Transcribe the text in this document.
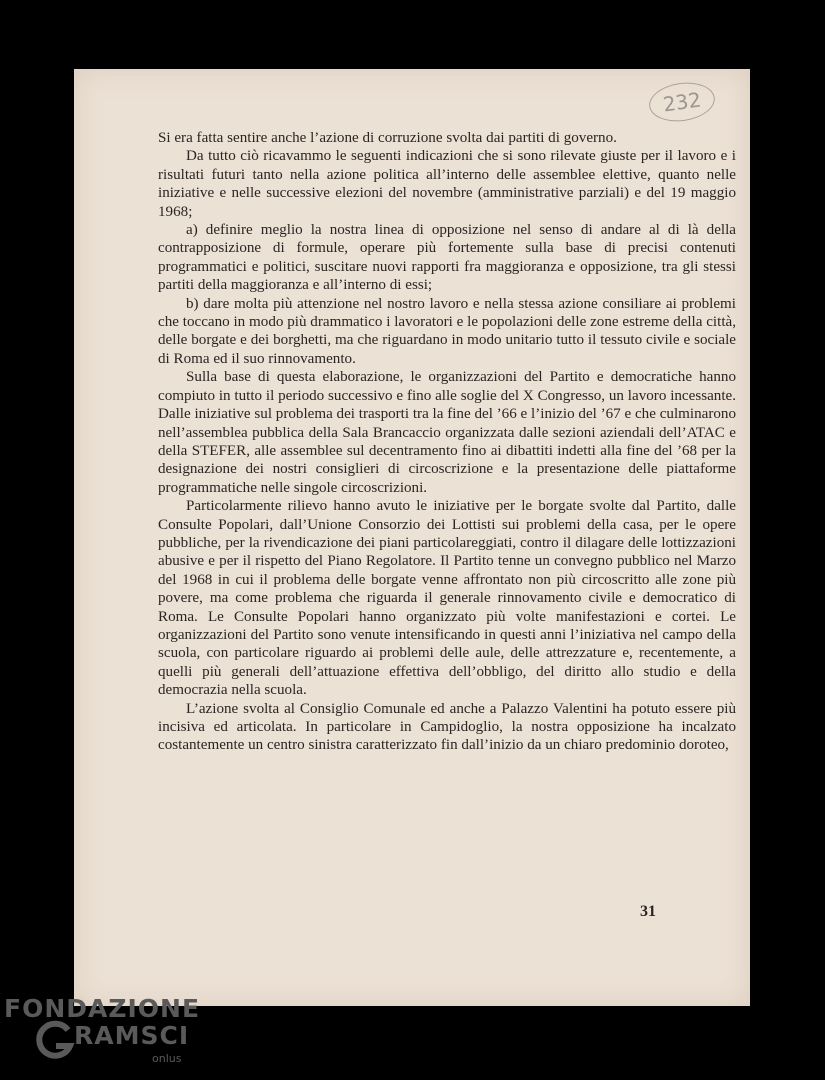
232

Si era fatta sentire anche l’azione di corruzione svolta dai partiti di governo.

Da tutto ciò ricavammo le seguenti indicazioni che si sono rilevate giuste per il lavoro e i risultati futuri tanto nella azione politica all’interno delle assemblee elettive, quanto nelle iniziative e nelle successive elezioni del novembre (amministrative parziali) e del 19 maggio 1968;

a) definire meglio la nostra linea di opposizione nel senso di andare al di là della contrapposizione di formule, operare più fortemente sulla base di precisi contenuti programmatici e politici, suscitare nuovi rapporti fra maggioranza e opposizione, tra gli stessi partiti della maggioranza e all’interno di essi;

b) dare molta più attenzione nel nostro lavoro e nella stessa azione consiliare ai problemi che toccano in modo più drammatico i lavoratori e le popolazioni delle zone estreme della città, delle borgate e dei borghetti, ma che riguardano in modo unitario tutto il tessuto civile e sociale di Roma ed il suo rinnovamento.

Sulla base di questa elaborazione, le organizzazioni del Partito e democratiche hanno compiuto in tutto il periodo successivo e fino alle soglie del X Congresso, un lavoro incessante. Dalle iniziative sul problema dei trasporti tra la fine del ’66 e l’inizio del ’67 e che culminarono nell’assemblea pubblica della Sala Brancaccio organizzata dalle sezioni aziendali dell’ATAC e della STEFER, alle assemblee sul decentramento fino ai dibattiti indetti alla fine del ’68 per la designazione dei nostri consiglieri di circoscrizione e la presentazione delle piattaforme programmatiche nelle singole circoscrizioni.

Particolarmente rilievo hanno avuto le iniziative per le borgate svolte dal Partito, dalle Consulte Popolari, dall’Unione Consorzio dei Lottisti sui problemi della casa, per le opere pubbliche, per la rivendicazione dei piani particolareggiati, contro il dilagare delle lottizzazioni abusive e per il rispetto del Piano Regolatore. Il Partito tenne un convegno pubblico nel Marzo del 1968 in cui il problema delle borgate venne affrontato non più circoscritto alle zone più povere, ma come problema che riguarda il generale rinnovamento civile e democratico di Roma. Le Consulte Popolari hanno organizzato più volte manifestazioni e cortei. Le organizzazioni del Partito sono venute intensificando in questi anni l’iniziativa nel campo della scuola, con particolare riguardo ai problemi delle aule, delle attrezzature e, recentemente, a quelli più generali dell’attuazione effettiva dell’obbligo, del diritto allo studio e della democrazia nella scuola.

L’azione svolta al Consiglio Comunale ed anche a Palazzo Valentini ha potuto essere più incisiva ed articolata. In particolare in Campidoglio, la nostra opposizione ha incalzato costantemente un centro sinistra caratterizzato fin dall’inizio da un chiaro predominio doroteo,

31
FONDAZIONE
RAMSCI
onlus
